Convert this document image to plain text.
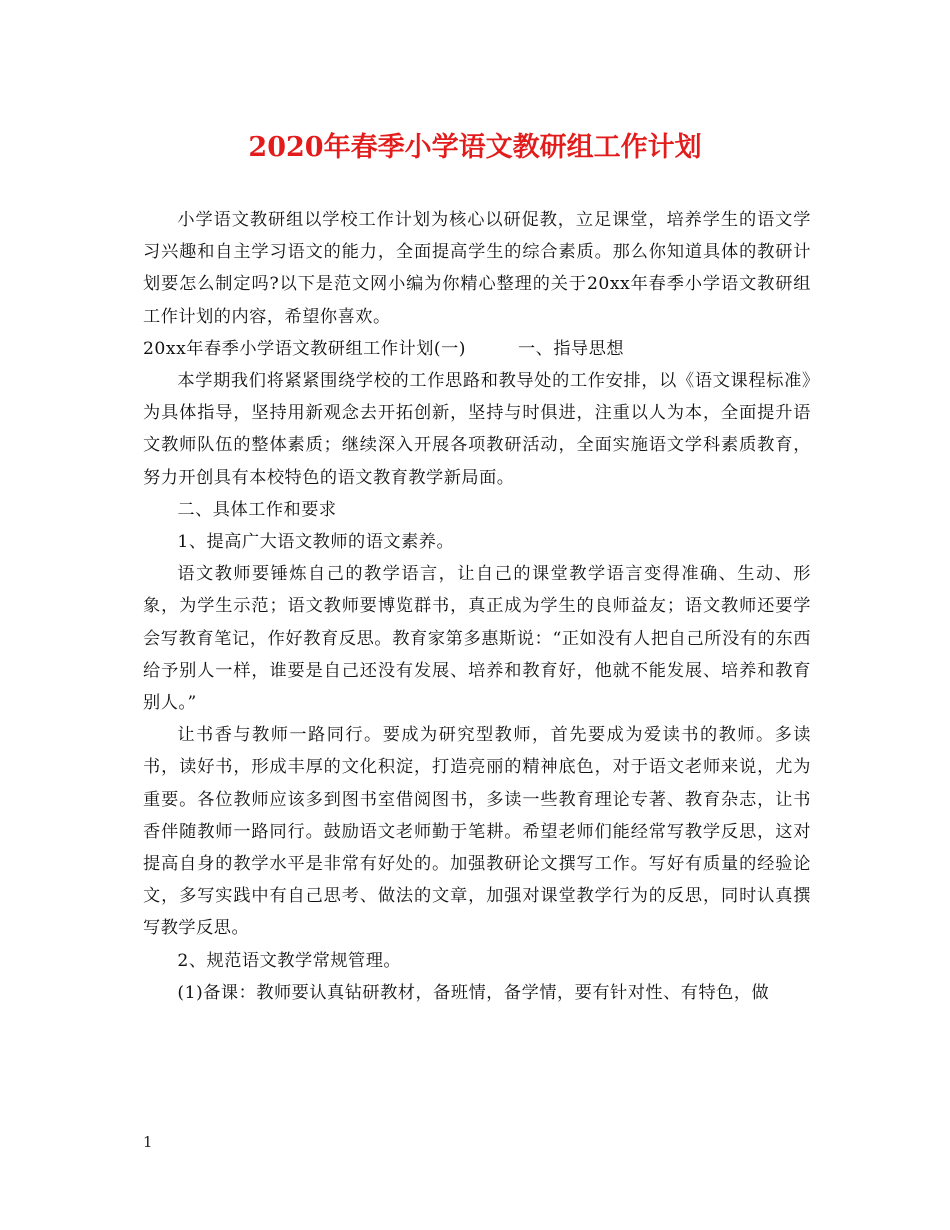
2020年春季小学语文教研组工作计划

小学语文教研组以学校工作计划为核心以研促教，立足课堂，培养学生的语文学习兴趣和自主学习语文的能力，全面提高学生的综合素质。那么你知道具体的教研计划要怎么制定吗?以下是范文网小编为你精心整理的关于20xx年春季小学语文教研组工作计划的内容，希望你喜欢。

20xx年春季小学语文教研组工作计划(一)	一、指导思想

本学期我们将紧紧围绕学校的工作思路和教导处的工作安排，以《语文课程标准》为具体指导，坚持用新观念去开拓创新，坚持与时俱进，注重以人为本，全面提升语文教师队伍的整体素质；继续深入开展各项教研活动，全面实施语文学科素质教育，努力开创具有本校特色的语文教育教学新局面。

二、具体工作和要求

1、提高广大语文教师的语文素养。

语文教师要锤炼自己的教学语言，让自己的课堂教学语言变得准确、生动、形象，为学生示范；语文教师要博览群书，真正成为学生的良师益友；语文教师还要学会写教育笔记，作好教育反思。教育家第多惠斯说：“正如没有人把自己所没有的东西给予别人一样，谁要是自己还没有发展、培养和教育好，他就不能发展、培养和教育别人。”

让书香与教师一路同行。要成为研究型教师，首先要成为爱读书的教师。多读书，读好书，形成丰厚的文化积淀，打造亮丽的精神底色，对于语文老师来说，尤为重要。各位教师应该多到图书室借阅图书，多读一些教育理论专著、教育杂志，让书香伴随教师一路同行。鼓励语文老师勤于笔耕。希望老师们能经常写教学反思，这对提高自身的教学水平是非常有好处的。加强教研论文撰写工作。写好有质量的经验论文，多写实践中有自己思考、做法的文章，加强对课堂教学行为的反思，同时认真撰写教学反思。

2、规范语文教学常规管理。

(1)备课：教师要认真钻研教材，备班情，备学情，要有针对性、有特色，做

1
